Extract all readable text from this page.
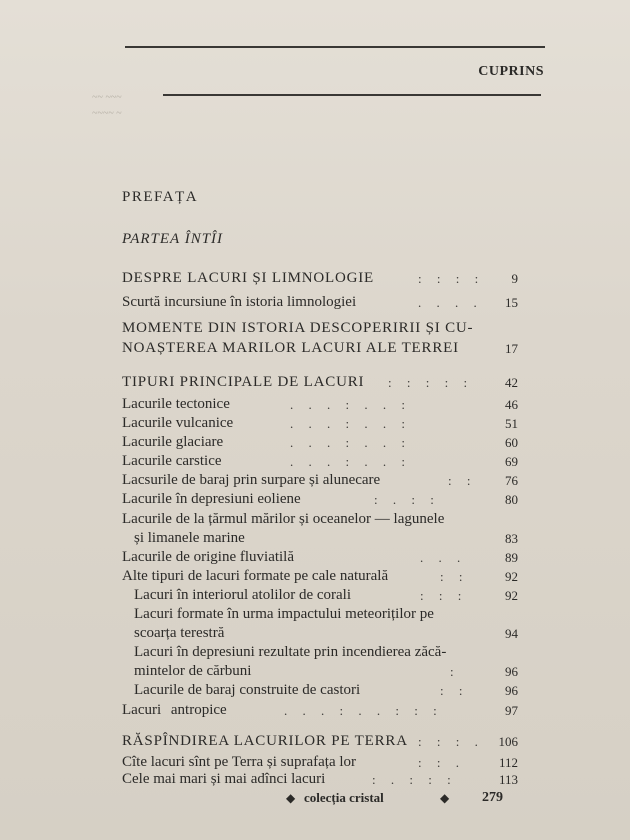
CUPRINS
~~ ~~~
~~~~ ~
PREFAȚA
PARTEA ÎNTÎI
DESPRE LACURI ȘI LIMNOLOGIE	: : : : 9
Scurtă incursiune în istoria limnologiei	. . . . 15
MOMENTE DIN ISTORIA DESCOPERIRII ȘI CU-
NOAȘTEREA MARILOR LACURI ALE TERREI	17
TIPURI PRINCIPALE DE LACURI : : : : : 42
Lacurile tectonice	. . . : . . :	46
Lacurile vulcanice	. . . : . . :	51
Lacurile glaciare	. . . : . . :	60
Lacurile carstice	. . . : . . :	69
Lacsurile de baraj prin surpare și alunecare	: : 76
Lacurile în depresiuni eoliene	: . : :	80
Lacurile de la țărmul mărilor și oceanelor — lagunele
și limanele marine	83
Lacurile de origine fluviatilă	. . .	89
Alte tipuri de lacuri formate pe cale naturală	: :	92
Lacuri în interiorul atolilor de corali	: : :	92
Lacuri formate în urma impactului meteoriților pe
scoarța terestră	94
Lacuri în depresiuni rezultate prin incendierea zăcă-
mintelor de cărbuni	:	96
Lacurile de baraj construite de castori	: :	96
Lacuri antropice	. . . : . . : : :	97
RĂSPÎNDIREA LACURILOR PE TERRA : : : . 106
Cîte lacuri sînt pe Terra și suprafața lor	: : .	112
Cele mai mari și mai adînci lacuri	: . : : :	113
◆ colecția cristal	◆ 279
